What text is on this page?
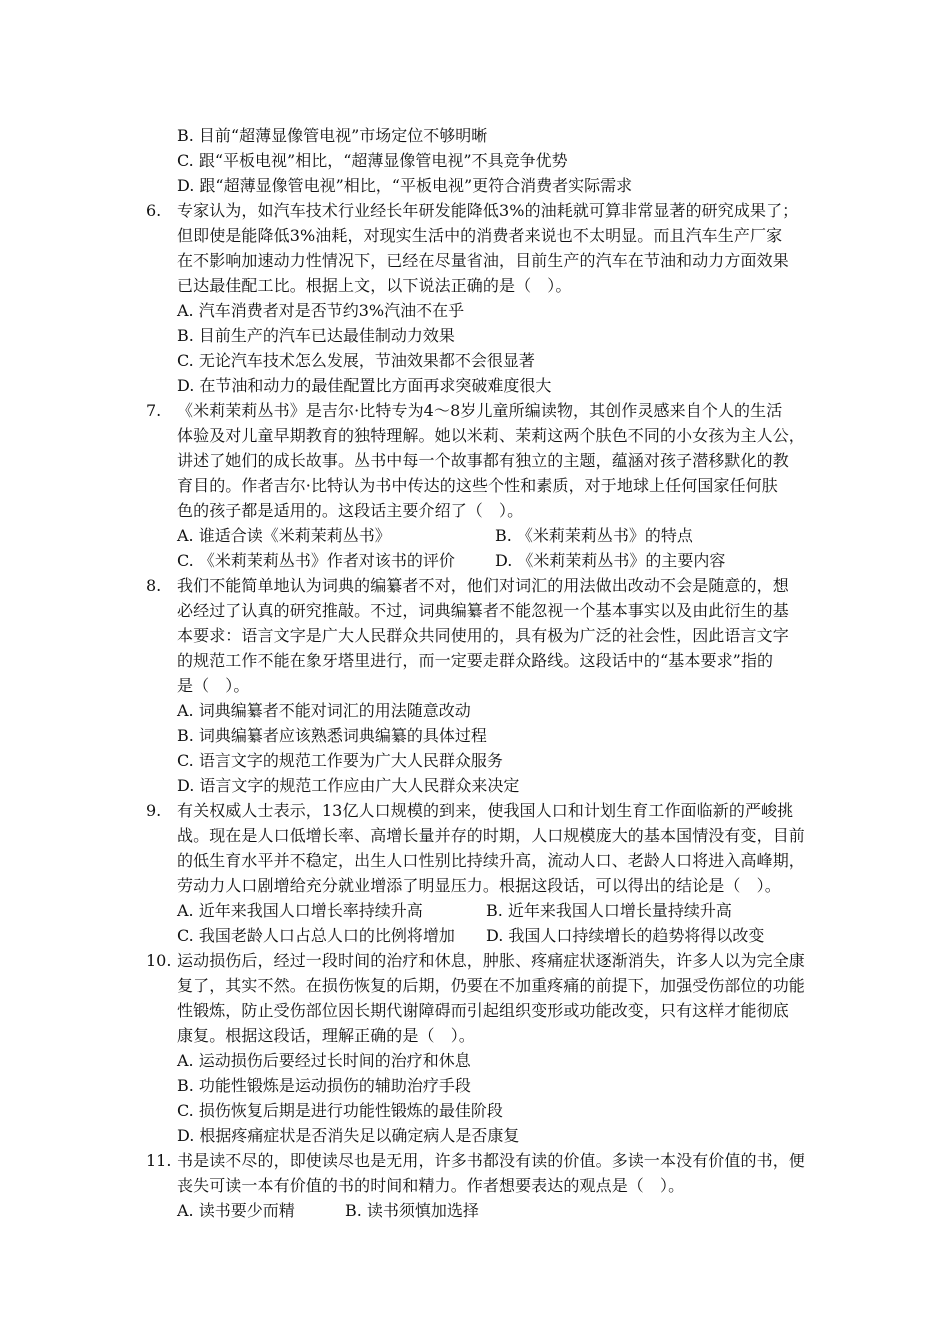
B. 目前“超薄显像管电视”市场定位不够明晰
C. 跟“平板电视”相比，“超薄显像管电视”不具竞争优势
D. 跟“超薄显像管电视”相比，“平板电视”更符合消费者实际需求
6. 专家认为，如汽车技术行业经长年研发能降低3%的油耗就可算非常显著的研究成果了；
但即使是能降低3%油耗，对现实生活中的消费者来说也不太明显。而且汽车生产厂家
在不影响加速动力性情况下，已经在尽量省油，目前生产的汽车在节油和动力方面效果
已达最佳配工比。根据上文，以下说法正确的是（　）。
A. 汽车消费者对是否节约3%汽油不在乎
B. 目前生产的汽车已达最佳制动力效果
C. 无论汽车技术怎么发展，节油效果都不会很显著
D. 在节油和动力的最佳配置比方面再求突破难度很大
7. 《米莉茉莉丛书》是吉尔·比特专为4～8岁儿童所编读物，其创作灵感来自个人的生活
体验及对儿童早期教育的独特理解。她以米莉、茉莉这两个肤色不同的小女孩为主人公，
讲述了她们的成长故事。丛书中每一个故事都有独立的主题，蕴涵对孩子潜移默化的教
育目的。作者吉尔·比特认为书中传达的这些个性和素质，对于地球上任何国家任何肤
色的孩子都是适用的。这段话主要介绍了（　）。
A. 谁适合读《米莉茉莉丛书》	B. 《米莉茉莉丛书》的特点
C. 《米莉茉莉丛书》作者对该书的评价	D. 《米莉茉莉丛书》的主要内容
8. 我们不能简单地认为词典的编纂者不对，他们对词汇的用法做出改动不会是随意的，想
必经过了认真的研究推敲。不过，词典编纂者不能忽视一个基本事实以及由此衍生的基
本要求：语言文字是广大人民群众共同使用的，具有极为广泛的社会性，因此语言文字
的规范工作不能在象牙塔里进行，而一定要走群众路线。这段话中的“基本要求”指的
是（　）。
A. 词典编纂者不能对词汇的用法随意改动
B. 词典编纂者应该熟悉词典编纂的具体过程
C. 语言文字的规范工作要为广大人民群众服务
D. 语言文字的规范工作应由广大人民群众来决定
9. 有关权威人士表示，13亿人口规模的到来，使我国人口和计划生育工作面临新的严峻挑
战。现在是人口低增长率、高增长量并存的时期，人口规模庞大的基本国情没有变，目前
的低生育水平并不稳定，出生人口性别比持续升高，流动人口、老龄人口将进入高峰期，
劳动力人口剧增给充分就业增添了明显压力。根据这段话，可以得出的结论是（　）。
A. 近年来我国人口增长率持续升高	B. 近年来我国人口增长量持续升高
C. 我国老龄人口占总人口的比例将增加 D. 我国人口持续增长的趋势将得以改变
10. 运动损伤后，经过一段时间的治疗和休息，肿胀、疼痛症状逐渐消失，许多人以为完全康
复了，其实不然。在损伤恢复的后期，仍要在不加重疼痛的前提下，加强受伤部位的功能
性锻炼，防止受伤部位因长期代谢障碍而引起组织变形或功能改变，只有这样才能彻底
康复。根据这段话，理解正确的是（　）。
A. 运动损伤后要经过长时间的治疗和休息
B. 功能性锻炼是运动损伤的辅助治疗手段
C. 损伤恢复后期是进行功能性锻炼的最佳阶段
D. 根据疼痛症状是否消失足以确定病人是否康复
11. 书是读不尽的，即使读尽也是无用，许多书都没有读的价值。多读一本没有价值的书，便
丧失可读一本有价值的书的时间和精力。作者想要表达的观点是（　）。
A. 读书要少而精	B. 读书须慎加选择
